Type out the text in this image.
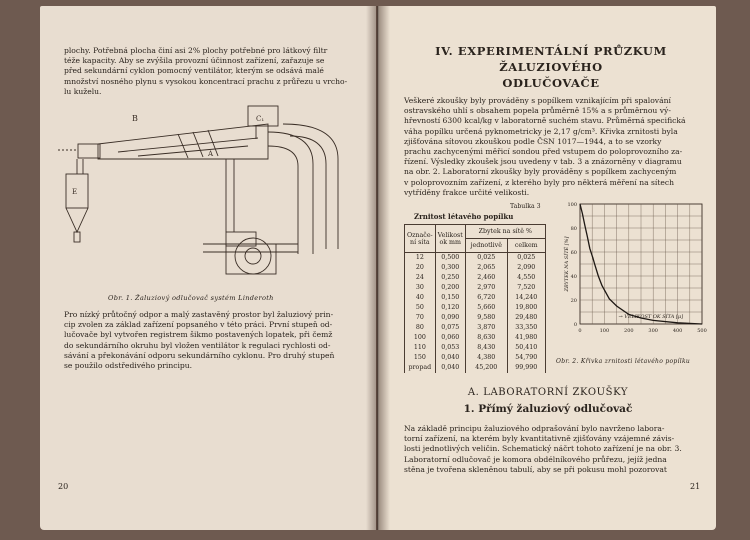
plochy. Potřebná plocha činí asi 2% plochy potřebné pro látkový filtr
téže kapacity. Aby se zvýšila provozní účinnost zařízení, zařazuje se
před sekundární cyklon pomocný ventilátor, kterým se odsává malé
množství nosného plynu s vysokou koncentrací prachu z průřezu u vrcho-
lu kuželu.
B	C₁
A
E
Obr. 1. Žaluziový odlučovač systém Linderoth
Pro nízký průtočný odpor a malý zastavěný prostor byl žaluziový prin-
cip zvolen za základ zařízení popsaného v této práci. První stupeň od-
lučovače byl vytvořen registrem šikmo postavených lopatek, při čemž
do sekundárního okruhu byl vložen ventilátor k regulaci rychlosti od-
sávání a překonávání odporu sekundárního cyklonu. Pro druhý stupeň
se použilo odstředivého principu.
20
IV. EXPERIMENTÁLNÍ PRŮZKUM ŽALUZIOVÉHO
ODLUČOVAČE
Veškeré zkoušky byly prováděny s popílkem vznikajícím při spalování
ostravského uhlí s obsahem popela průměrně 15% a s průměrnou vý-
hřevností 6300 kcal/kg v laboratorně suchém stavu. Průměrná specifická
váha popílku určená pyknometricky je 2,17 g/cm³. Křivka zrnitosti byla
zjišťována sítovou zkouškou podle ČSN 1017—1944, a to se vzorky
prachu zachycenými měřicí sondou před vstupem do poloprovozního za-
řízení. Výsledky zkoušek jsou uvedeny v tab. 3 a znázorněny v diagramu
na obr. 2. Laboratorní zkoušky byly prováděny s popílkem zachyceným
v poloprovozním zařízení, z kterého byly pro některá měření na sítech
vytříděny frakce určité velikosti.
Tabulka 3
Zrnitost létavého popílku
Označe-ní síta	Velikost ok mm	Zbytek na sítě %	
		jednotlivě	celkem
12	0,500	0,025	0,025
20	0,300	2,065	2,090
24	0,250	2,460	4,550
30	0,200	2,970	7,520
40	0,150	6,720	14,240
50	0,120	5,660	19,800
70	0,090	9,580	29,480
80	0,075	3,870	33,350
100	0,060	8,630	41,980
110	0,053	8,430	50,410
150	0,040	4,380	54,790
propad	0,040	45,200	99,990
0	100	200	300	400	500
0
20
40
60
80
100
→ VELIKOST OK SÍTA [μ]
ZBYTEK NA SÍTĚ [%]
Obr. 2. Křivka zrnitosti létavého popílku
A. LABORATORNÍ ZKOUŠKY
1. Přímý žaluziový odlučovač
Na základě principu žaluziového odprašování bylo navrženo labora-
torní zařízení, na kterém byly kvantitativně zjišťovány vzájemné závis-
losti jednotlivých veličin. Schematický náčrt tohoto zařízení je na obr. 3.
Laboratorní odlučovač je komora obdélníkového průřezu, jejíž jedna
stěna je tvořena skleněnou tabulí, aby se při pokusu mohl pozorovat
21
